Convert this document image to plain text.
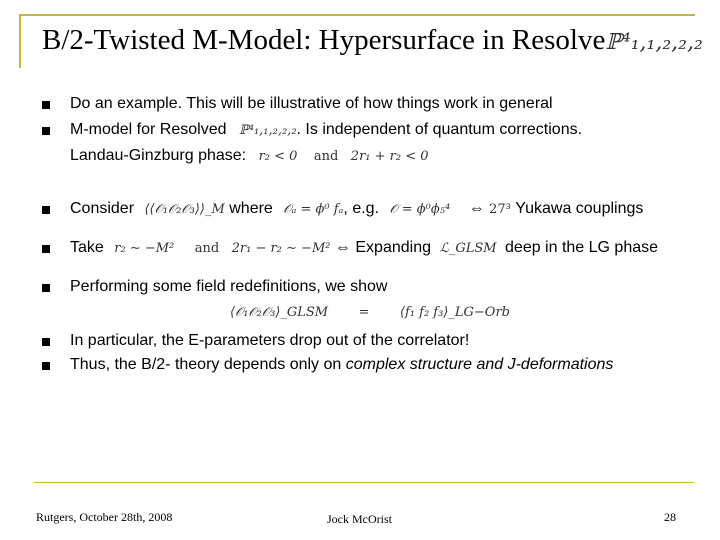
B/2-Twisted M-Model: Hypersurface in Resolveℙ⁴₁,₁,₂,₂,₂
Do an example. This will be illustrative of how things work in general
M-model for Resolved ℙ⁴₁,₁,₂,₂,₂. Is independent of quantum corrections.
Landau-Ginzburg phase: r₂ < 0 and 2r₁ + r₂ < 0
Consider ⟨⟨𝒪₁𝒪₂𝒪₃⟩⟩_M where 𝒪ₐ = ϕ⁰ fₐ, e.g. 𝒪 = ϕ⁰ϕ₅⁴ ⇔ 27³ Yukawa couplings
Take r₂ ∼ −M² and 2r₁ − r₂ ∼ −M² ⇔ Expanding ℒ_GLSM deep in the LG phase
Performing some field redefinitions, we show
⟨𝒪₁𝒪₂𝒪₃⟩_GLSM = ⟨f₁ f₂ f₃⟩_LG−Orb
In particular, the E-parameters drop out of the correlator!
Thus, the B/2- theory depends only on complex structure and J-deformations
Rutgers, October 28th, 2008	Jock McOrist	28
